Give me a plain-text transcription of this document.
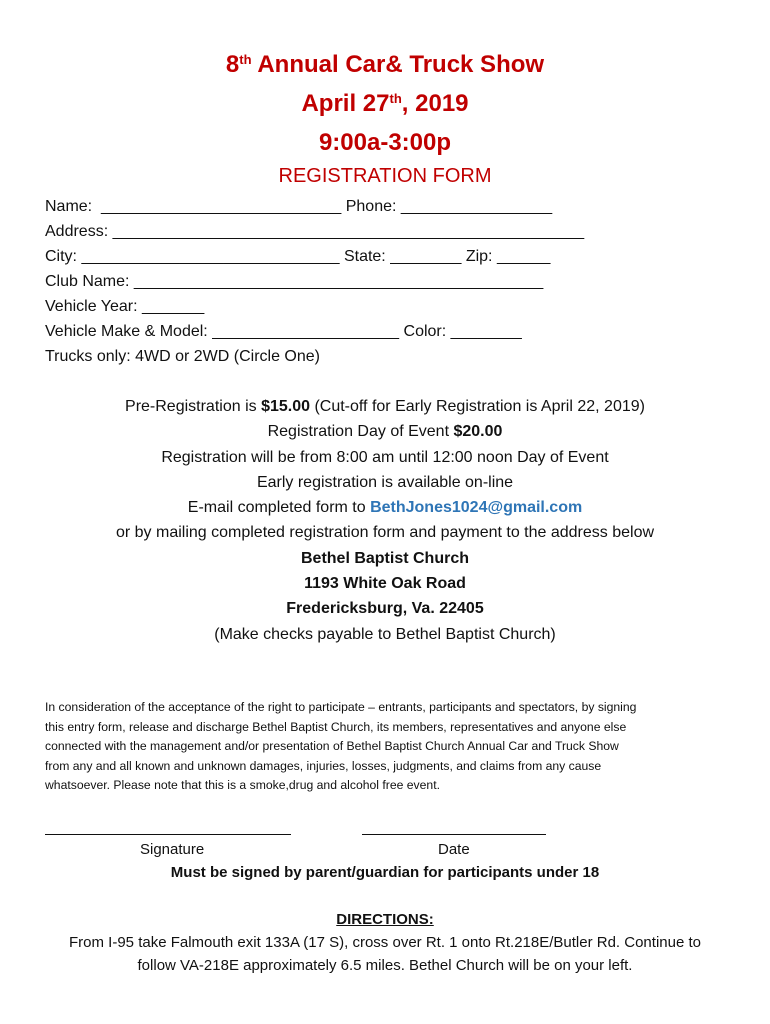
8th Annual Car& Truck Show
April 27th, 2019
9:00a-3:00p
REGISTRATION FORM
Name:  ___________________________ Phone: _________________
Address: _____________________________________________________
City: _____________________________ State: ________ Zip: ______
Club Name: ______________________________________________
Vehicle Year: _______
Vehicle Make & Model: _____________________ Color: ________
Trucks only: 4WD or 2WD (Circle One)
Pre-Registration is $15.00 (Cut-off for Early Registration is April 22, 2019)
Registration Day of Event $20.00
Registration will be from 8:00 am until 12:00 noon Day of Event
Early registration is available on-line
E-mail completed form to BethJones1024@gmail.com
or by mailing completed registration form and payment to the address below
Bethel Baptist Church
1193 White Oak Road
Fredericksburg, Va. 22405
(Make checks payable to Bethel Baptist Church)
In consideration of the acceptance of the right to participate – entrants, participants and spectators, by signing
this entry form, release and discharge Bethel Baptist Church, its members, representatives and anyone else
connected with the management and/or presentation of Bethel Baptist Church Annual Car and Truck Show
from any and all known and unknown damages, injuries, losses, judgments, and claims from any cause
whatsoever. Please note that this is a smoke,drug and alcohol free event.
Signature	Date
Must be signed by parent/guardian for participants under 18
DIRECTIONS:
From I-95 take Falmouth exit 133A (17 S), cross over Rt. 1 onto Rt.218E/Butler Rd. Continue to
follow VA-218E approximately 6.5 miles. Bethel Church will be on your left.
